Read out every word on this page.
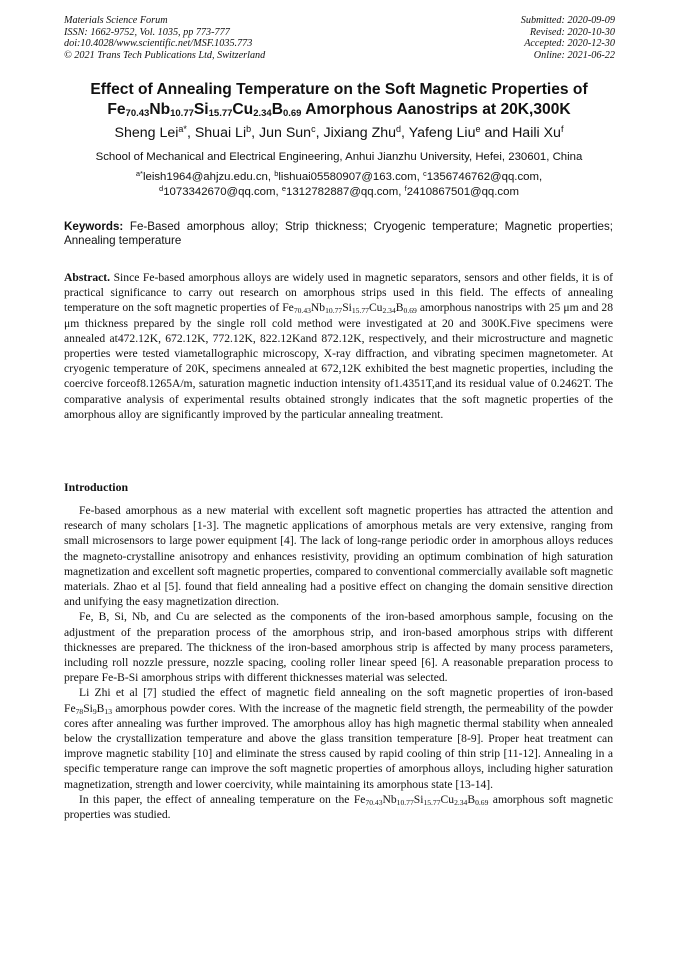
Materials Science Forum
ISSN: 1662-9752, Vol. 1035, pp 773-777
doi:10.4028/www.scientific.net/MSF.1035.773
© 2021 Trans Tech Publications Ltd, Switzerland
Submitted: 2020-09-09
Revised: 2020-10-30
Accepted: 2020-12-30
Online: 2021-06-22
Effect of Annealing Temperature on the Soft Magnetic Properties of
$Fe_{70.43}Nb_{10.77}Si_{15.77}Cu_{2.34}B_{0.69}$ Amorphous Aanostrips at 20K,300K
Sheng Lei$^{a*}$, Shuai Li$^b$, Jun Sun$^c$, Jixiang Zhu$^d$, Yafeng Liu$^e$ and Haili Xu$^f$
School of Mechanical and Electrical Engineering, Anhui Jianzhu University, Hefei, 230601, China
$^{a*}$leish1964@ahjzu.edu.cn, $^b$lishuai05580907@163.com, $^c$1356746762@qq.com,
$^d$1073342670@qq.com, $^e$1312782887@qq.com, $^f$2410867501@qq.com
Keywords: Fe-Based amorphous alloy; Strip thickness; Cryogenic temperature; Magnetic properties; Annealing temperature

Abstract. Since Fe-based amorphous alloys are widely used in magnetic separators, sensors and other fields, it is of practical significance to carry out research on amorphous strips used in this field. The effects of annealing temperature on the soft magnetic properties of $Fe_{70.43}Nb_{10.77}Si_{15.77}Cu_{2.34}B_{0.69}$ amorphous nanostrips with 25 μm and 28 μm thickness prepared by the single roll cold method were investigated at 20 and 300K.Five specimens were annealed at472.12K, 672.12K, 772.12K, 822.12Kand 872.12K, respectively, and their microstructure and magnetic properties were tested viametallographic microscopy, X-ray diffraction, and vibrating specimen magnetometer. At cryogenic temperature of 20K, specimens annealed at 672,12K exhibited the best magnetic properties, including the coercive forceof8.1265A/m, saturation magnetic induction intensity of1.4351T,and its residual value of 0.2462T. The comparative analysis of experimental results obtained strongly indicates that the soft magnetic properties of the amorphous alloy are significantly improved by the particular annealing treatment.

Introduction

Fe-based amorphous as a new material with excellent soft magnetic properties has attracted the attention and research of many scholars [1-3]. The magnetic applications of amorphous metals are very extensive, ranging from small microsensors to large power equipment [4]. The lack of long-range periodic order in amorphous alloys reduces the magneto-crystalline anisotropy and enhances resistivity, providing an optimum combination of high saturation magnetization and excellent soft magnetic properties, compared to conventional commercially available soft magnetic materials. Zhao et al [5]. found that field annealing had a positive effect on changing the domain sensitive direction and unifying the easy magnetization direction.

Fe, B, Si, Nb, and Cu are selected as the components of the iron-based amorphous sample, focusing on the adjustment of the preparation process of the amorphous strip, and iron-based amorphous strips with different thicknesses are prepared. The thickness of the iron-based amorphous strip is affected by many process parameters, including roll nozzle pressure, nozzle spacing, cooling roller linear speed [6]. A reasonable preparation process to prepare Fe-B-Si amorphous strips with different thicknesses material was selected.

Li Zhi et al [7] studied the effect of magnetic field annealing on the soft magnetic properties of iron-based $Fe_{78}Si_9B_{13}$ amorphous powder cores. With the increase of the magnetic field strength, the permeability of the powder cores after annealing was further improved. The amorphous alloy has high magnetic thermal stability when annealed below the crystallization temperature and above the glass transition temperature [8-9]. Proper heat treatment can improve magnetic stability [10] and eliminate the stress caused by rapid cooling of thin strip [11-12]. Annealing in a specific temperature range can improve the soft magnetic properties of amorphous alloys, including higher saturation magnetization, strength and lower coercivity, while maintaining its amorphous state [13-14].

In this paper, the effect of annealing temperature on the $Fe_{70.43}Nb_{10.77}Si_{15.77}Cu_{2.34}B_{0.69}$ amorphous soft magnetic properties was studied.
